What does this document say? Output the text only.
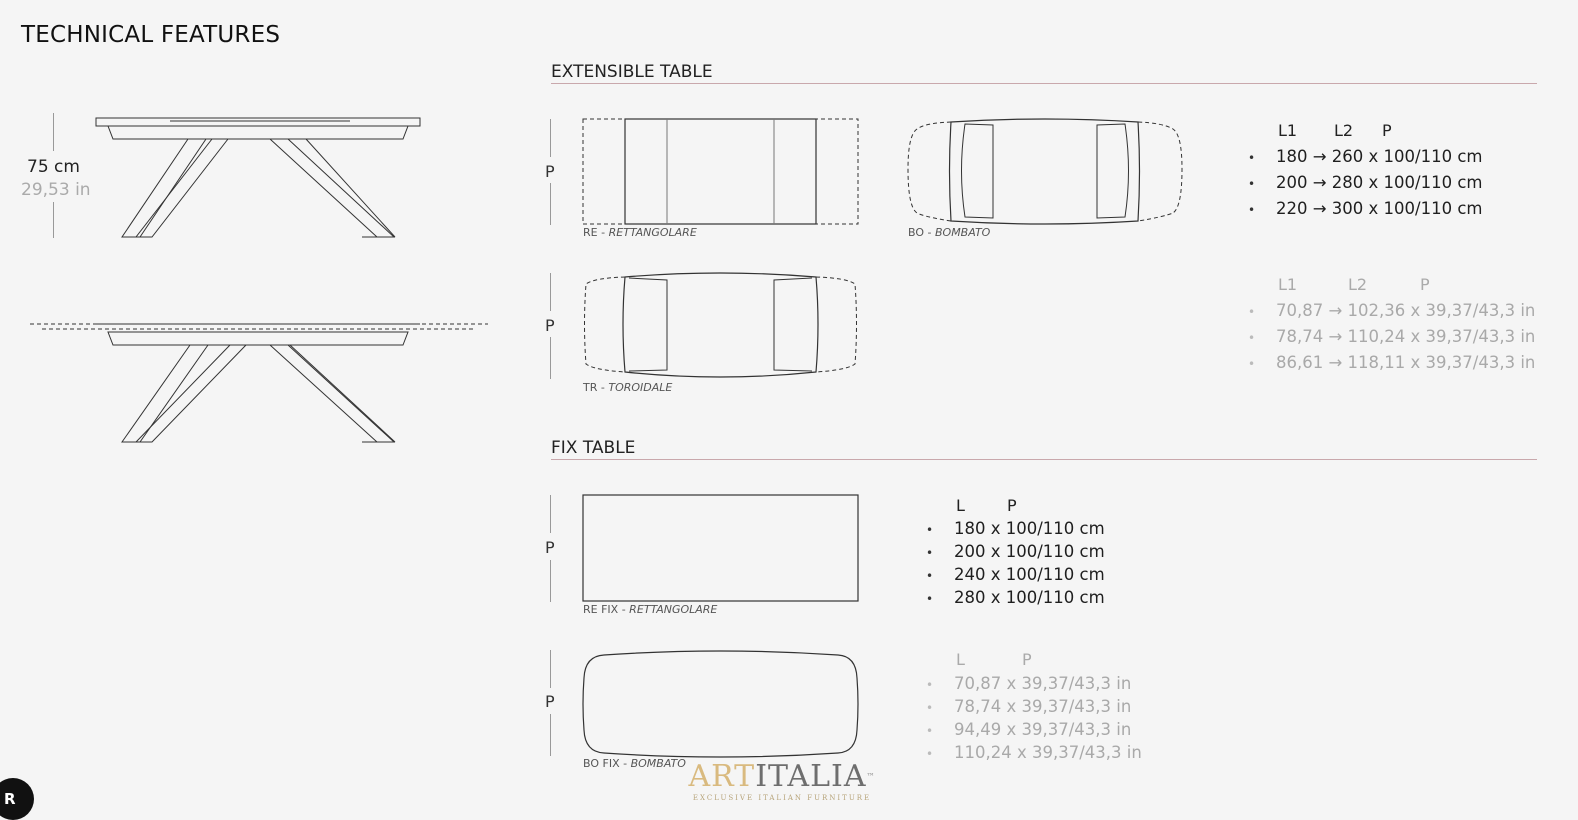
TECHNICAL FEATURES
75 cm
29,53 in
EXTENSIBLE TABLE
P
RE - RETTANGOLARE	BO - BOMBATO
P
TR - TOROIDALE
L1 L2 P
• 180 → 260 x 100/110 cm
• 200 → 280 x 100/110 cm
• 220 → 300 x 100/110 cm
L1	L2	P
• 70,87 → 102,36 x 39,37/43,3 in
• 78,74 → 110,24 x 39,37/43,3 in
• 86,61 → 118,11 x 39,37/43,3 in
FIX TABLE
P
RE FIX - RETTANGOLARE
P
BO FIX - BOMBATO
L	P
• 180 x 100/110 cm
• 200 x 100/110 cm
• 240 x 100/110 cm
• 280 x 100/110 cm
L	P
• 70,87 x 39,37/43,3 in
• 78,74 x 39,37/43,3 in
• 94,49 x 39,37/43,3 in
• 110,24 x 39,37/43,3 in
ARTITALIA™
EXCLUSIVE ITALIAN FURNITURE
R
